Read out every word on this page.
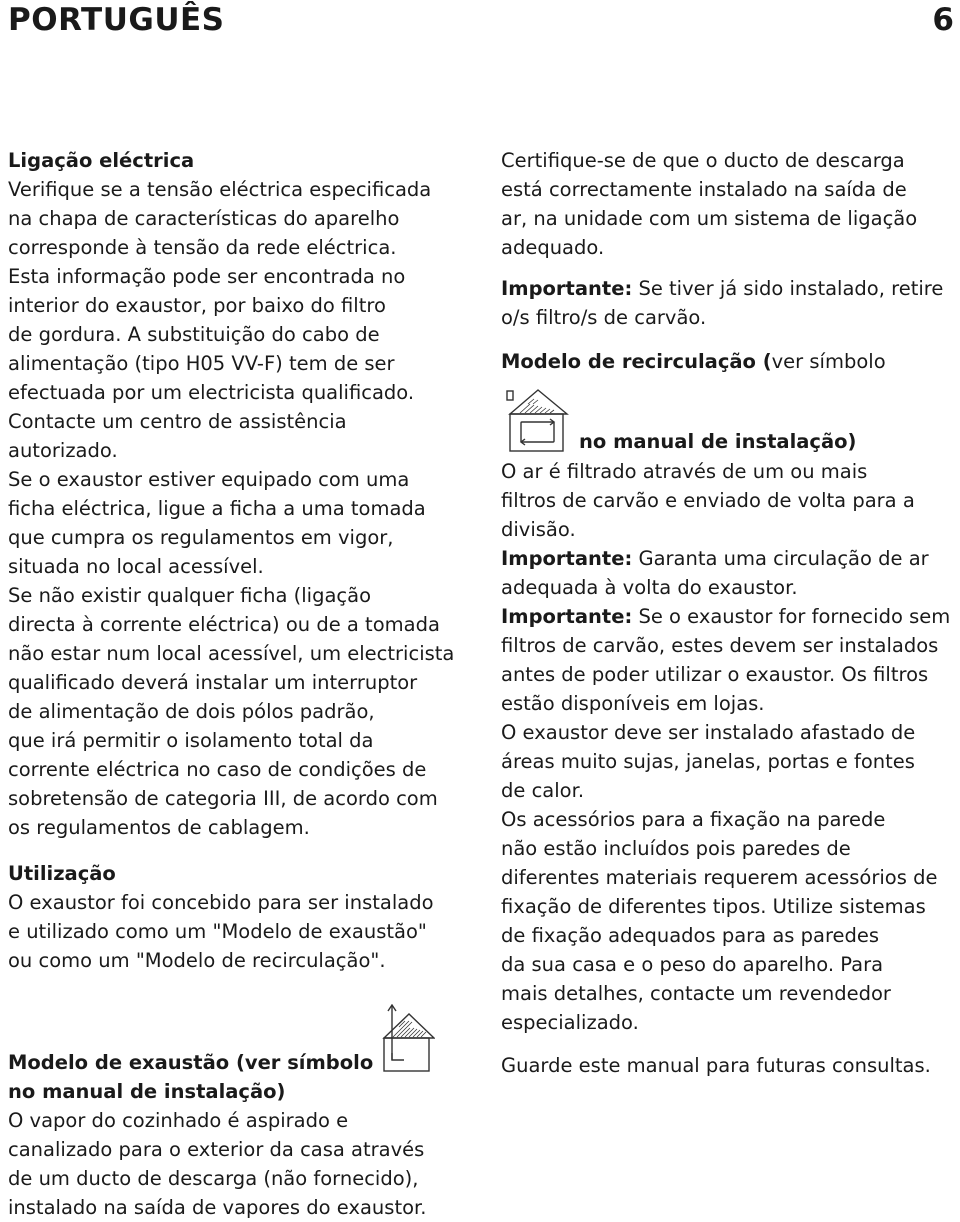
PORTUGUÊS	6
Ligação eléctrica
Verifique se a tensão eléctrica especificada
na chapa de características do aparelho
corresponde à tensão da rede eléctrica.
Esta informação pode ser encontrada no
interior do exaustor, por baixo do filtro
de gordura. A substituição do cabo de
alimentação (tipo H05 VV-F) tem de ser
efectuada por um electricista qualificado.
Contacte um centro de assistência
autorizado.
Se o exaustor estiver equipado com uma
ficha eléctrica, ligue a ficha a uma tomada
que cumpra os regulamentos em vigor,
situada no local acessível.
Se não existir qualquer ficha (ligação
directa à corrente eléctrica) ou de a tomada
não estar num local acessível, um electricista
qualificado deverá instalar um interruptor
de alimentação de dois pólos padrão,
que irá permitir o isolamento total da
corrente eléctrica no caso de condições de
sobretensão de categoria III, de acordo com
os regulamentos de cablagem.
Utilização
O exaustor foi concebido para ser instalado
e utilizado como um "Modelo de exaustão"
ou como um "Modelo de recirculação".
Modelo de exaustão (ver símbolo
no manual de instalação)
O vapor do cozinhado é aspirado e
canalizado para o exterior da casa através
de um ducto de descarga (não fornecido),
instalado na saída de vapores do exaustor.
Certifique-se de que o ducto de descarga
está correctamente instalado na saída de
ar, na unidade com um sistema de ligação
adequado.
Importante: Se tiver já sido instalado, retire
o/s filtro/s de carvão.
Modelo de recirculação (ver símbolo
no manual de instalação)
O ar é filtrado através de um ou mais
filtros de carvão e enviado de volta para a
divisão.
Importante: Garanta uma circulação de ar
adequada à volta do exaustor.
Importante: Se o exaustor for fornecido sem
filtros de carvão, estes devem ser instalados
antes de poder utilizar o exaustor. Os filtros
estão disponíveis em lojas.
O exaustor deve ser instalado afastado de
áreas muito sujas, janelas, portas e fontes
de calor.
Os acessórios para a fixação na parede
não estão incluídos pois paredes de
diferentes materiais requerem acessórios de
fixação de diferentes tipos. Utilize sistemas
de fixação adequados para as paredes
da sua casa e o peso do aparelho. Para
mais detalhes, contacte um revendedor
especializado.
Guarde este manual para futuras consultas.
